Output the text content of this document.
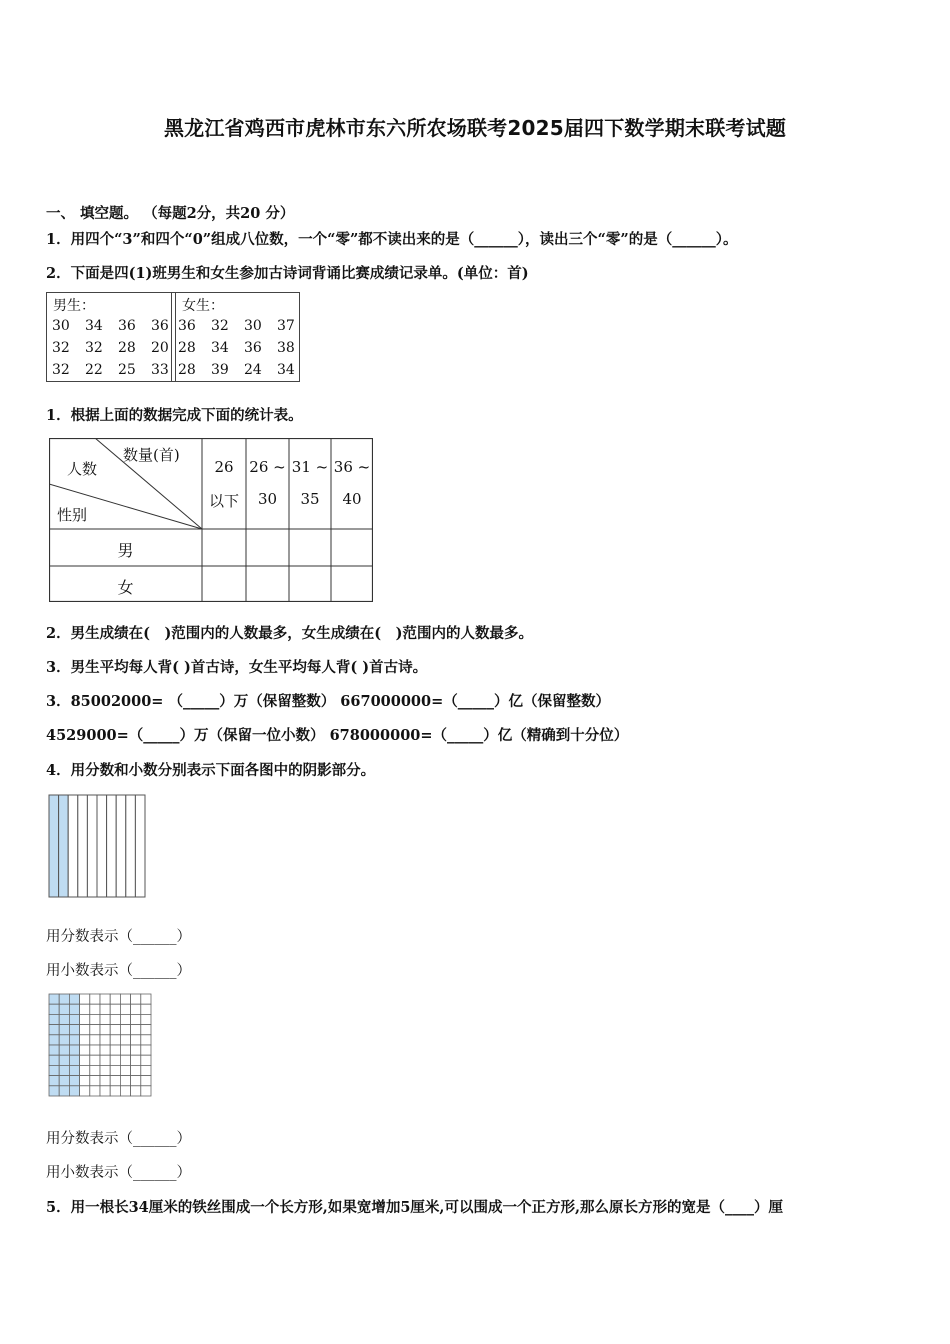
黑龙江省鸡西市虎林市东六所农场联考2025届四下数学期末联考试题
一、 填空题。 （每题2分，共20 分）
1．用四个“3”和四个“0”组成八位数，一个“零”都不读出来的是（______），读出三个“零”的是（______）。
2．下面是四(1)班男生和女生参加古诗词背诵比赛成绩记录单。(单位：首)
男生：
30 34 36 36
32 32 28 20
32 22 25 33
女生：
36 32 30 37
28 34 36 38
28 39 24 34
1．根据上面的数据完成下面的统计表。
数量(首)
人数
性别
26
以下
26 ~
30
31 ~
35
36 ~
40
男
女
2．男生成绩在(　)范围内的人数最多，女生成绩在(　)范围内的人数最多。
3．男生平均每人背( )首古诗，女生平均每人背( )首古诗。
3．85002000= （_____）万（保留整数） 667000000=（_____）亿（保留整数）
4529000=（_____）万（保留一位小数） 678000000=（_____）亿（精确到十分位）
4．用分数和小数分别表示下面各图中的阴影部分。
用分数表示（______）
用小数表示（______）
用分数表示（______）
用小数表示（______）
5．用一根长34厘米的铁丝围成一个长方形,如果宽增加5厘米,可以围成一个正方形,那么原长方形的宽是（____）厘
